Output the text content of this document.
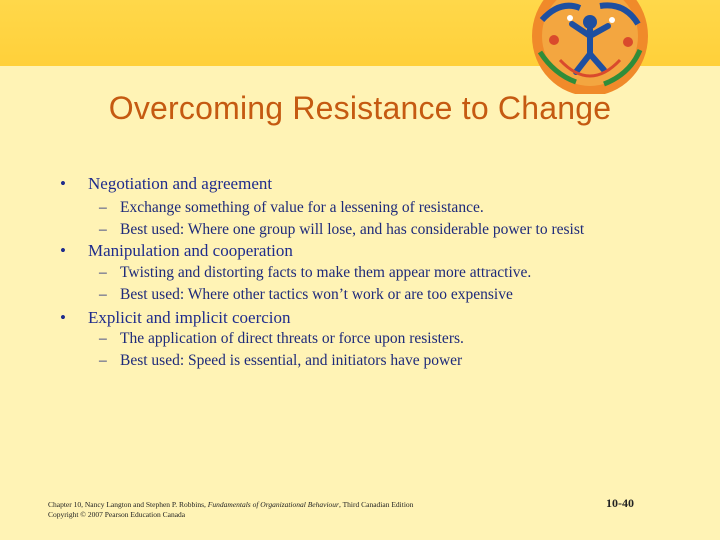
Overcoming Resistance to Change
• Negotiation and agreement
– Exchange something of value for a lessening of resistance.
– Best used: Where one group will lose, and has considerable power to resist
• Manipulation and cooperation
– Twisting and distorting facts to make them appear more attractive.
– Best used: Where other tactics won’t work or are too expensive
• Explicit and implicit coercion
– The application of direct threats or force upon resisters.
– Best used: Speed is essential, and initiators have power
Chapter 10, Nancy Langton and Stephen P. Robbins, Fundamentals of Organizational Behaviour, Third Canadian Edition
Copyright © 2007 Pearson Education Canada
10-40
